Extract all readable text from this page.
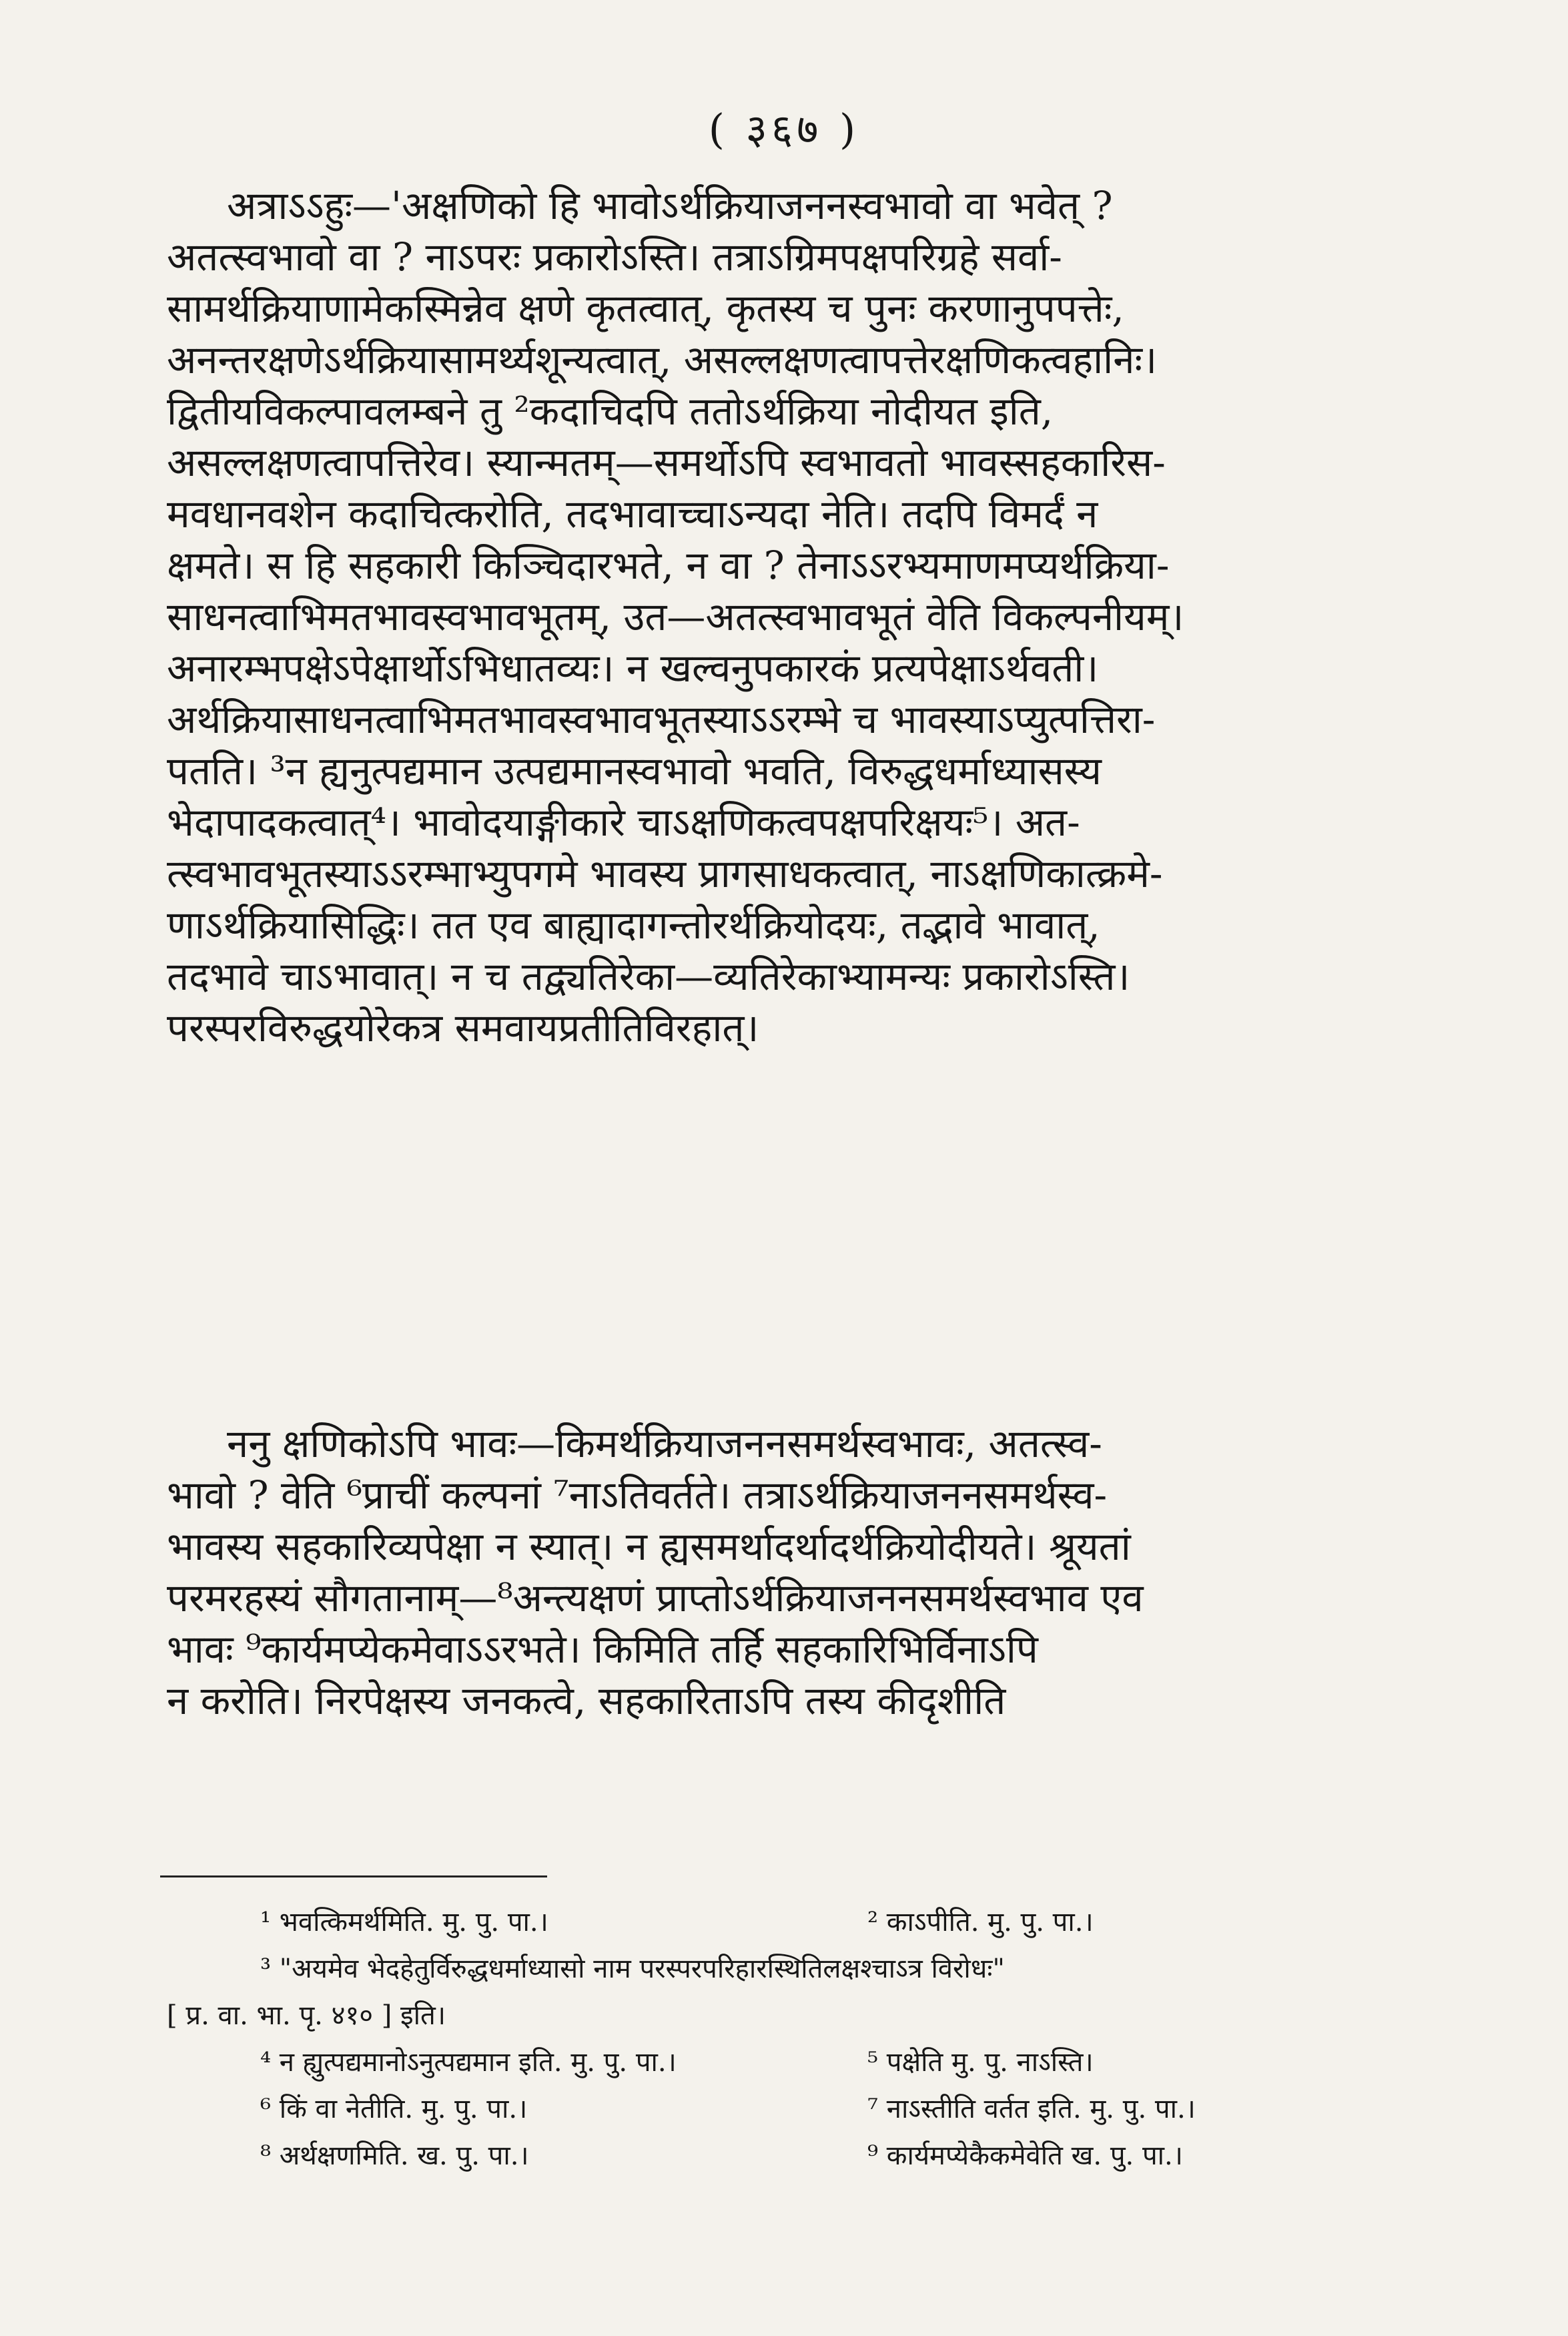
( ३६७ )
अत्राऽऽहुः—'अक्षणिको हि भावोऽर्थक्रियाजननस्वभावो वा भवेत् ?
अतत्स्वभावो वा ? नाऽपरः प्रकारोऽस्ति। तत्राऽग्रिमपक्षपरिग्रहे सर्वा-
सामर्थक्रियाणामेकस्मिन्नेव क्षणे कृतत्वात्, कृतस्य च पुनः करणानुपपत्तेः,
अनन्तरक्षणेऽर्थक्रियासामर्थ्यशून्यत्वात्, असल्लक्षणत्वापत्तेरक्षणिकत्वहानिः।
द्वितीयविकल्पावलम्बने तु ²कदाचिदपि ततोऽर्थक्रिया नोदीयत इति,
असल्लक्षणत्वापत्तिरेव। स्यान्मतम्—समर्थोऽपि स्वभावतो भावस्सहकारिस-
मवधानवशेन कदाचित्करोति, तदभावाच्चाऽन्यदा नेति। तदपि विमर्दं न
क्षमते। स हि सहकारी किञ्चिदारभते, न वा ? तेनाऽऽरभ्यमाणमप्यर्थक्रिया-
साधनत्वाभिमतभावस्वभावभूतम्, उत—अतत्स्वभावभूतं वेति विकल्पनीयम्।
अनारम्भपक्षेऽपेक्षार्थोऽभिधातव्यः। न खल्वनुपकारकं प्रत्यपेक्षाऽर्थवती।
अर्थक्रियासाधनत्वाभिमतभावस्वभावभूतस्याऽऽरम्भे च भावस्याऽप्युत्पत्तिरा-
पतति। ³न ह्यनुत्पद्यमान उत्पद्यमानस्वभावो भवति, विरुद्धधर्माध्यासस्य
भेदापादकत्वात्⁴। भावोदयाङ्गीकारे चाऽक्षणिकत्वपक्षपरिक्षयः⁵। अत-
त्स्वभावभूतस्याऽऽरम्भाभ्युपगमे भावस्य प्रागसाधकत्वात्, नाऽक्षणिकात्क्रमे-
णाऽर्थक्रियासिद्धिः। तत एव बाह्यादागन्तोरर्थक्रियोदयः, तद्भावे भावात्,
तदभावे चाऽभावात्। न च तद्व्यतिरेका—व्यतिरेकाभ्यामन्यः प्रकारोऽस्ति।
परस्परविरुद्धयोरेकत्र समवायप्रतीतिविरहात्।
ननु क्षणिकोऽपि भावः—किमर्थक्रियाजननसमर्थस्वभावः, अतत्स्व-
भावो ? वेति ⁶प्राचीं कल्पनां ⁷नाऽतिवर्तते। तत्राऽर्थक्रियाजननसमर्थस्व-
भावस्य सहकारिव्यपेक्षा न स्यात्। न ह्यसमर्थादर्थादर्थक्रियोदीयते। श्रूयतां
परमरहस्यं सौगतानाम्—⁸अन्त्यक्षणं प्राप्तोऽर्थक्रियाजननसमर्थस्वभाव एव
भावः ⁹कार्यमप्येकमेवाऽऽरभते। किमिति तर्हि सहकारिभिर्विनाऽपि
न करोति। निरपेक्षस्य जनकत्वे, सहकारिताऽपि तस्य कीदृशीति
¹ भवत्किमर्थमिति. मु. पु. पा.।	² काऽपीति. मु. पु. पा.।
³ "अयमेव भेदहेतुर्विरुद्धधर्माध्यासो नाम परस्परपरिहारस्थितिलक्षश्चाऽत्र विरोधः"
[ प्र. वा. भा. पृ. ४१० ] इति।
⁴ न ह्युत्पद्यमानोऽनुत्पद्यमान इति. मु. पु. पा.।	⁵ पक्षेति मु. पु. नाऽस्ति।
⁶ किं वा नेतीति. मु. पु. पा.।	⁷ नाऽस्तीति वर्तत इति. मु. पु. पा.।
⁸ अर्थक्षणमिति. ख. पु. पा.।	⁹ कार्यमप्येकैकमेवेति ख. पु. पा.।
